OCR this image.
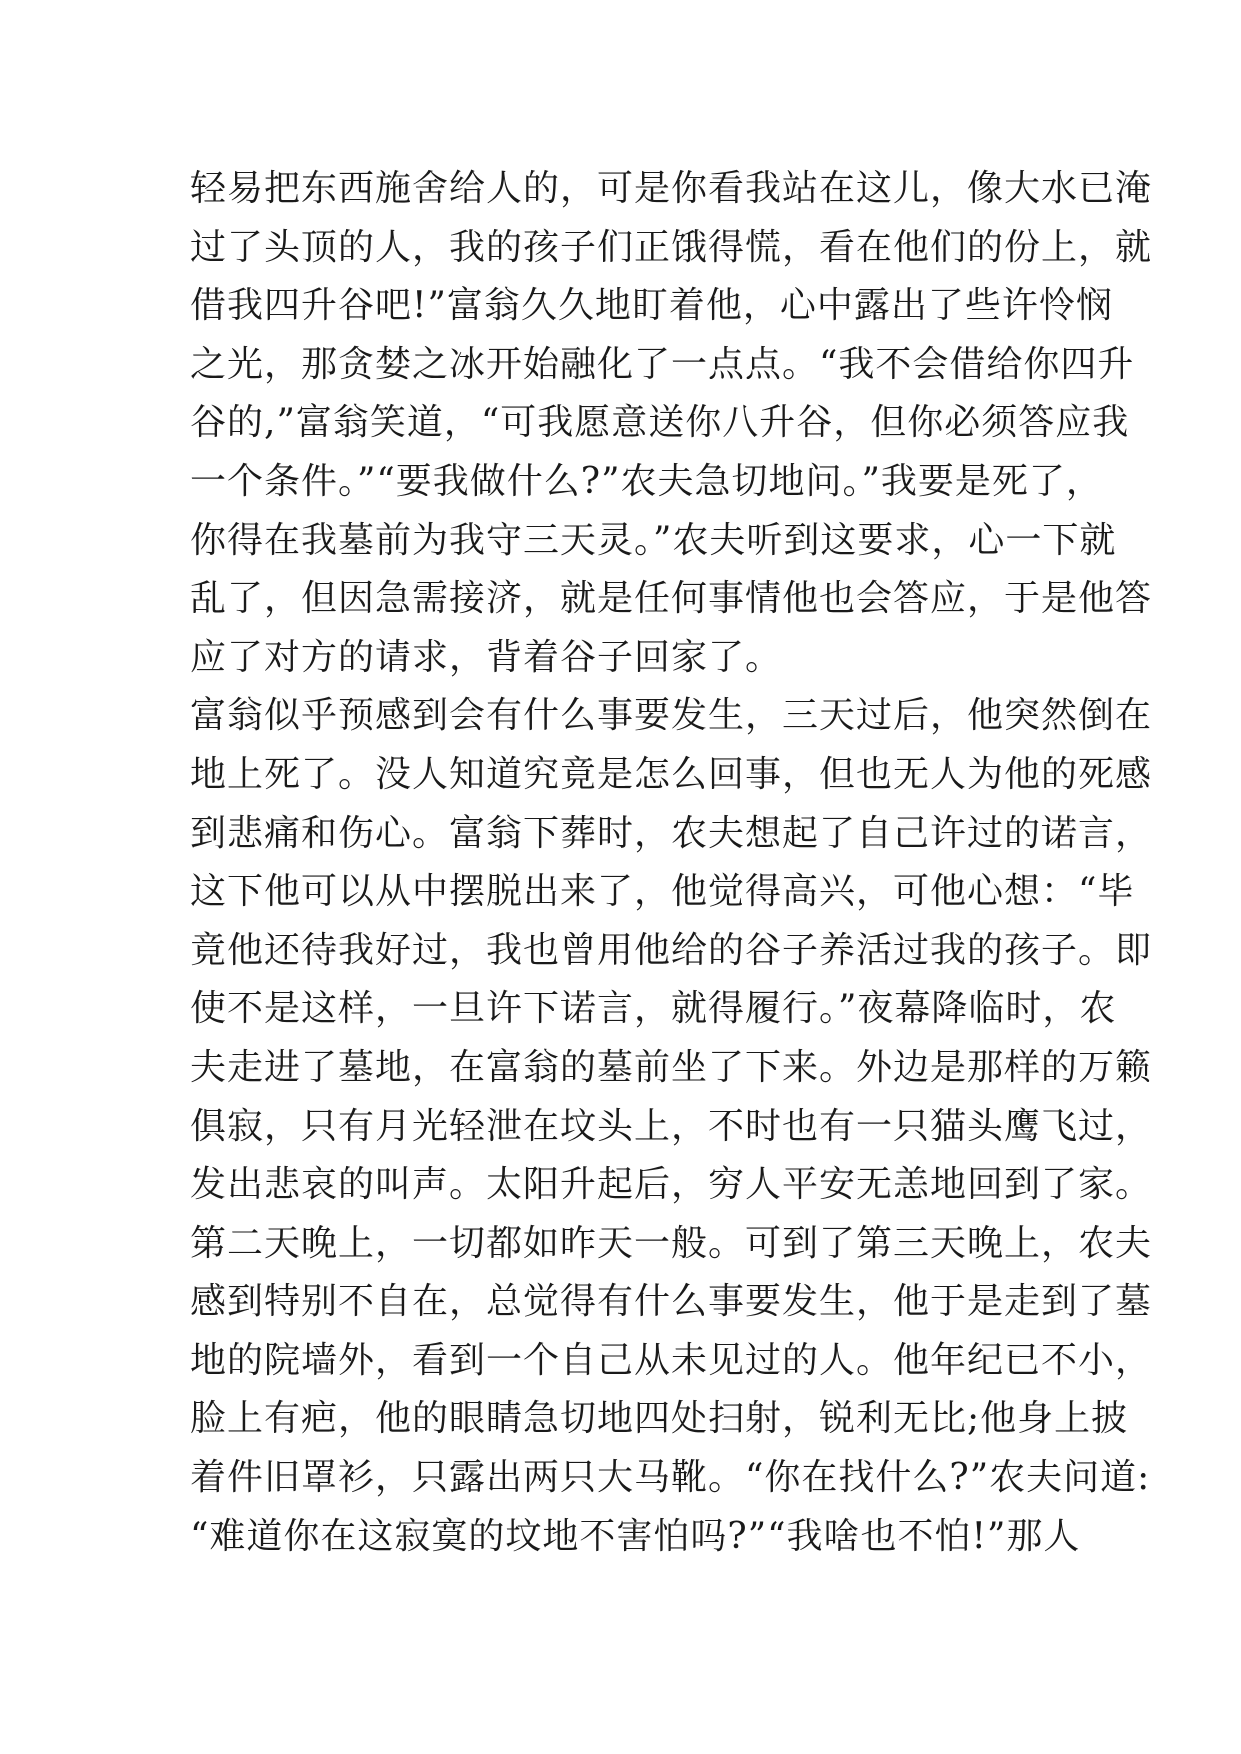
轻易把东西施舍给人的，可是你看我站在这儿，像大水已淹
过了头顶的人，我的孩子们正饿得慌，看在他们的份上，就
借我四升谷吧!”富翁久久地盯着他，心中露出了些许怜悯
之光，那贪婪之冰开始融化了一点点。“我不会借给你四升
谷的,”富翁笑道，“可我愿意送你八升谷，但你必须答应我
一个条件。”“要我做什么?”农夫急切地问。”我要是死了，
你得在我墓前为我守三天灵。”农夫听到这要求，心一下就
乱了，但因急需接济，就是任何事情他也会答应，于是他答
应了对方的请求，背着谷子回家了。
富翁似乎预感到会有什么事要发生，三天过后，他突然倒在
地上死了。没人知道究竟是怎么回事，但也无人为他的死感
到悲痛和伤心。富翁下葬时，农夫想起了自己许过的诺言，
这下他可以从中摆脱出来了，他觉得高兴，可他心想：“毕
竟他还待我好过，我也曾用他给的谷子养活过我的孩子。即
使不是这样，一旦许下诺言，就得履行。”夜幕降临时，农
夫走进了墓地，在富翁的墓前坐了下来。外边是那样的万籁
俱寂，只有月光轻泄在坟头上，不时也有一只猫头鹰飞过，
发出悲哀的叫声。太阳升起后，穷人平安无恙地回到了家。
第二天晚上，一切都如昨天一般。可到了第三天晚上，农夫
感到特别不自在，总觉得有什么事要发生，他于是走到了墓
地的院墙外，看到一个自己从未见过的人。他年纪已不小，
脸上有疤，他的眼睛急切地四处扫射，锐利无比;他身上披
着件旧罩衫，只露出两只大马靴。“你在找什么?”农夫问道:
“难道你在这寂寞的坟地不害怕吗?”“我啥也不怕!”那人
